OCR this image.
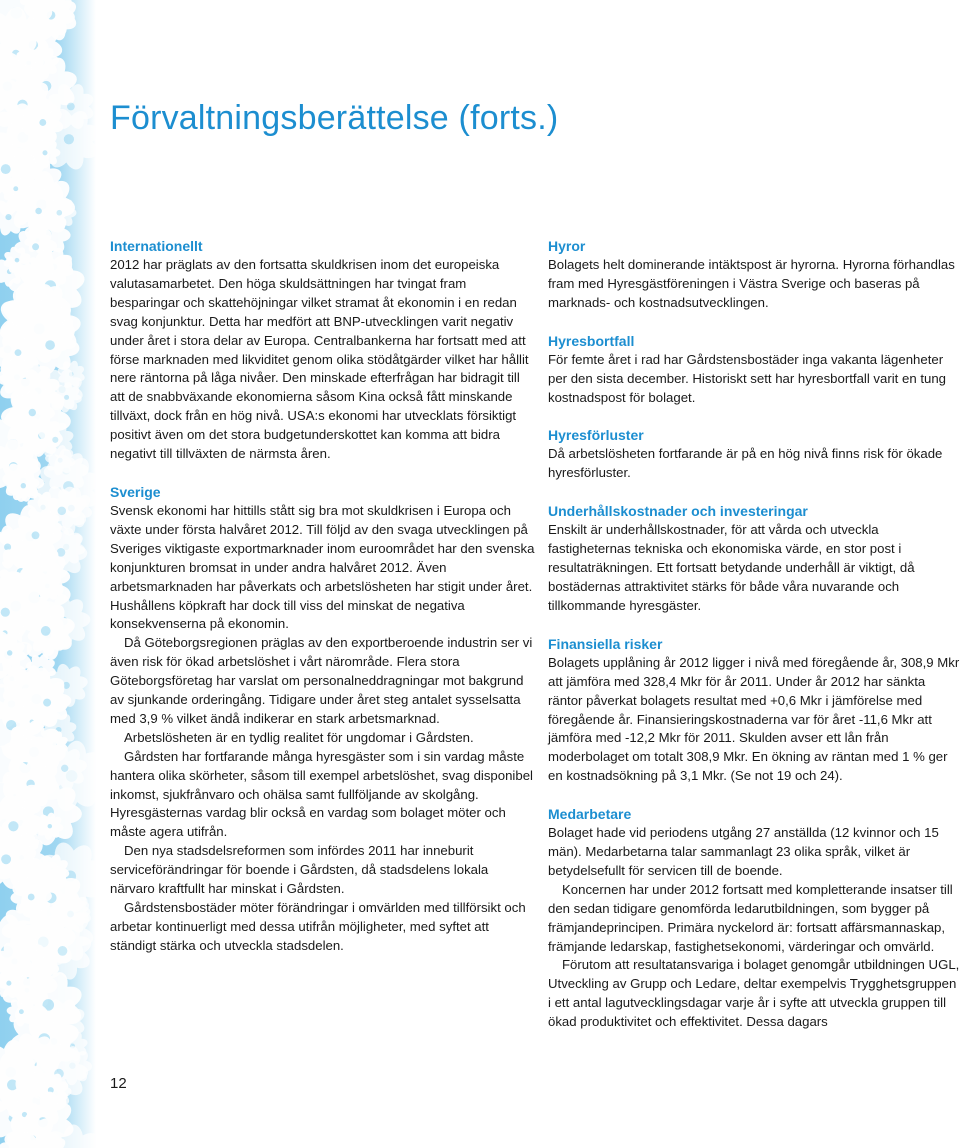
Förvaltningsberättelse (forts.)
Internationellt

2012 har präglats av den fortsatta skuldkrisen inom det europeiska valutasamarbetet. Den höga skuldsättningen har tvingat fram besparingar och skattehöjningar vilket stramat åt ekonomin i en redan svag konjunktur. Detta har medfört att BNP-utvecklingen varit negativ under året i stora delar av Europa. Centralbankerna har fortsatt med att förse marknaden med likviditet genom olika stödåtgärder vilket har hållit nere räntorna på låga nivåer. Den minskade efterfrågan har bidragit till att de snabbväxande ekonomierna såsom Kina också fått minskande tillväxt, dock från en hög nivå. USA:s ekonomi har utvecklats försiktigt positivt även om det stora budgetunderskottet kan komma att bidra negativt till tillväxten de närmsta åren.

Sverige

Svensk ekonomi har hittills stått sig bra mot skuldkrisen i Europa och växte under första halvåret 2012. Till följd av den svaga utvecklingen på Sveriges viktigaste exportmarknader inom euroområdet har den svenska konjunkturen bromsat in under andra halvåret 2012. Även arbetsmarknaden har påverkats och arbetslösheten har stigit under året. Hushållens köpkraft har dock till viss del minskat de negativa konsekvenserna på ekonomin.

Då Göteborgsregionen präglas av den exportberoende industrin ser vi även risk för ökad arbetslöshet i vårt närområde. Flera stora Göteborgsföretag har varslat om personalneddragningar mot bakgrund av sjunkande orderingång. Tidigare under året steg antalet sysselsatta med 3,9 % vilket ändå indikerar en stark arbetsmarknad.

Arbetslösheten är en tydlig realitet för ungdomar i Gårdsten.

Gårdsten har fortfarande många hyresgäster som i sin vardag måste hantera olika skörheter, såsom till exempel arbetslöshet, svag disponibel inkomst, sjukfrånvaro och ohälsa samt fullföljande av skolgång. Hyresgästernas vardag blir också en vardag som bolaget möter och måste agera utifrån.

Den nya stadsdelsreformen som infördes 2011 har inneburit serviceförändringar för boende i Gårdsten, då stadsdelens lokala närvaro kraftfullt har minskat i Gårdsten.

Gårdstensbostäder möter förändringar i omvärlden med tillförsikt och arbetar kontinuerligt med dessa utifrån möjligheter, med syftet att ständigt stärka och utveckla stadsdelen.

Hyror

Bolagets helt dominerande intäktspost är hyrorna. Hyrorna förhandlas fram med Hyresgästföreningen i Västra Sverige och baseras på marknads- och kostnadsutvecklingen.

Hyresbortfall

För femte året i rad har Gårdstensbostäder inga vakanta lägenheter per den sista december. Historiskt sett har hyresbortfall varit en tung kostnadspost för bolaget.

Hyresförluster

Då arbetslösheten fortfarande är på en hög nivå finns risk för ökade hyresförluster.

Underhållskostnader och investeringar

Enskilt är underhållskostnader, för att vårda och utveckla fastigheternas tekniska och ekonomiska värde, en stor post i resultaträkningen. Ett fortsatt betydande underhåll är viktigt, då bostädernas attraktivitet stärks för både våra nuvarande och tillkommande hyresgäster.

Finansiella risker

Bolagets upplåning år 2012 ligger i nivå med föregående år, 308,9 Mkr att jämföra med 328,4 Mkr för år 2011. Under år 2012 har sänkta räntor påverkat bolagets resultat med +0,6 Mkr i jämförelse med föregående år. Finansieringskostnaderna var för året -11,6 Mkr att jämföra med -12,2 Mkr för 2011. Skulden avser ett lån från moderbolaget om totalt 308,9 Mkr. En ökning av räntan med 1 % ger en kostnadsökning på 3,1 Mkr. (Se not 19 och 24).

Medarbetare

Bolaget hade vid periodens utgång 27 anställda (12 kvinnor och 15 män). Medarbetarna talar sammanlagt 23 olika språk, vilket är betydelsefullt för servicen till de boende.

Koncernen har under 2012 fortsatt med kompletterande insatser till den sedan tidigare genomförda ledarutbildningen, som bygger på främjandeprincipen. Primära nyckelord är: fortsatt affärsmannaskap, främjande ledarskap, fastighetsekonomi, värderingar och omvärld.

Förutom att resultatansvariga i bolaget genomgår utbildningen UGL, Utveckling av Grupp och Ledare, deltar exempelvis Trygghetsgruppen i ett antal lagutvecklingsdagar varje år i syfte att utveckla gruppen till ökad produktivitet och effektivitet. Dessa dagars

12
